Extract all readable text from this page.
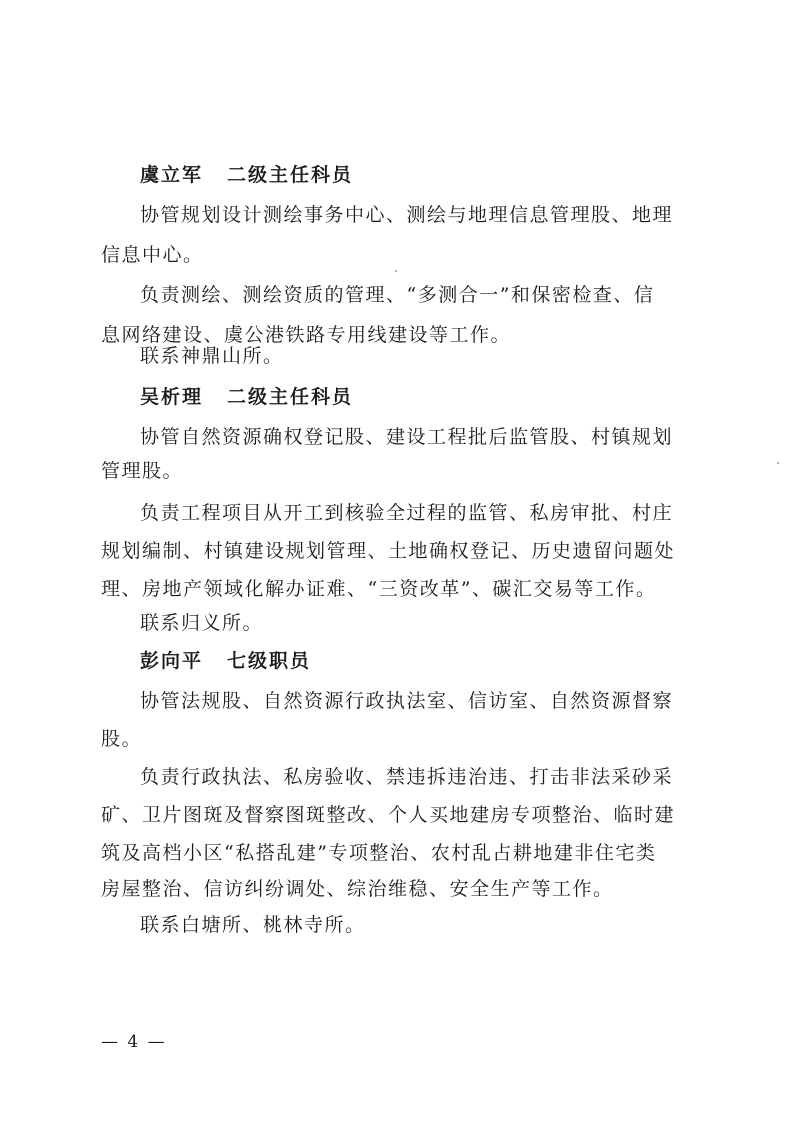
虞立军 二级主任科员
协管规划设计测绘事务中心、测绘与地理信息管理股、地理
信息中心。
负责测绘、测绘资质的管理、“多测合一”和保密检查、信
息网络建设、虞公港铁路专用线建设等工作。
联系神鼎山所。
吴析理 二级主任科员
协管自然资源确权登记股、建设工程批后监管股、村镇规划
管理股。
负责工程项目从开工到核验全过程的监管、私房审批、村庄
规划编制、村镇建设规划管理、土地确权登记、历史遗留问题处
理、房地产领域化解办证难、“三资改革”、碳汇交易等工作。
联系归义所。
彭向平 七级职员
协管法规股、自然资源行政执法室、信访室、自然资源督察
股。
负责行政执法、私房验收、禁违拆违治违、打击非法采砂采
矿、卫片图斑及督察图斑整改、个人买地建房专项整治、临时建
筑及高档小区“私搭乱建”专项整治、农村乱占耕地建非住宅类
房屋整治、信访纠纷调处、综治维稳、安全生产等工作。
联系白塘所、桃林寺所。
— 4 —
